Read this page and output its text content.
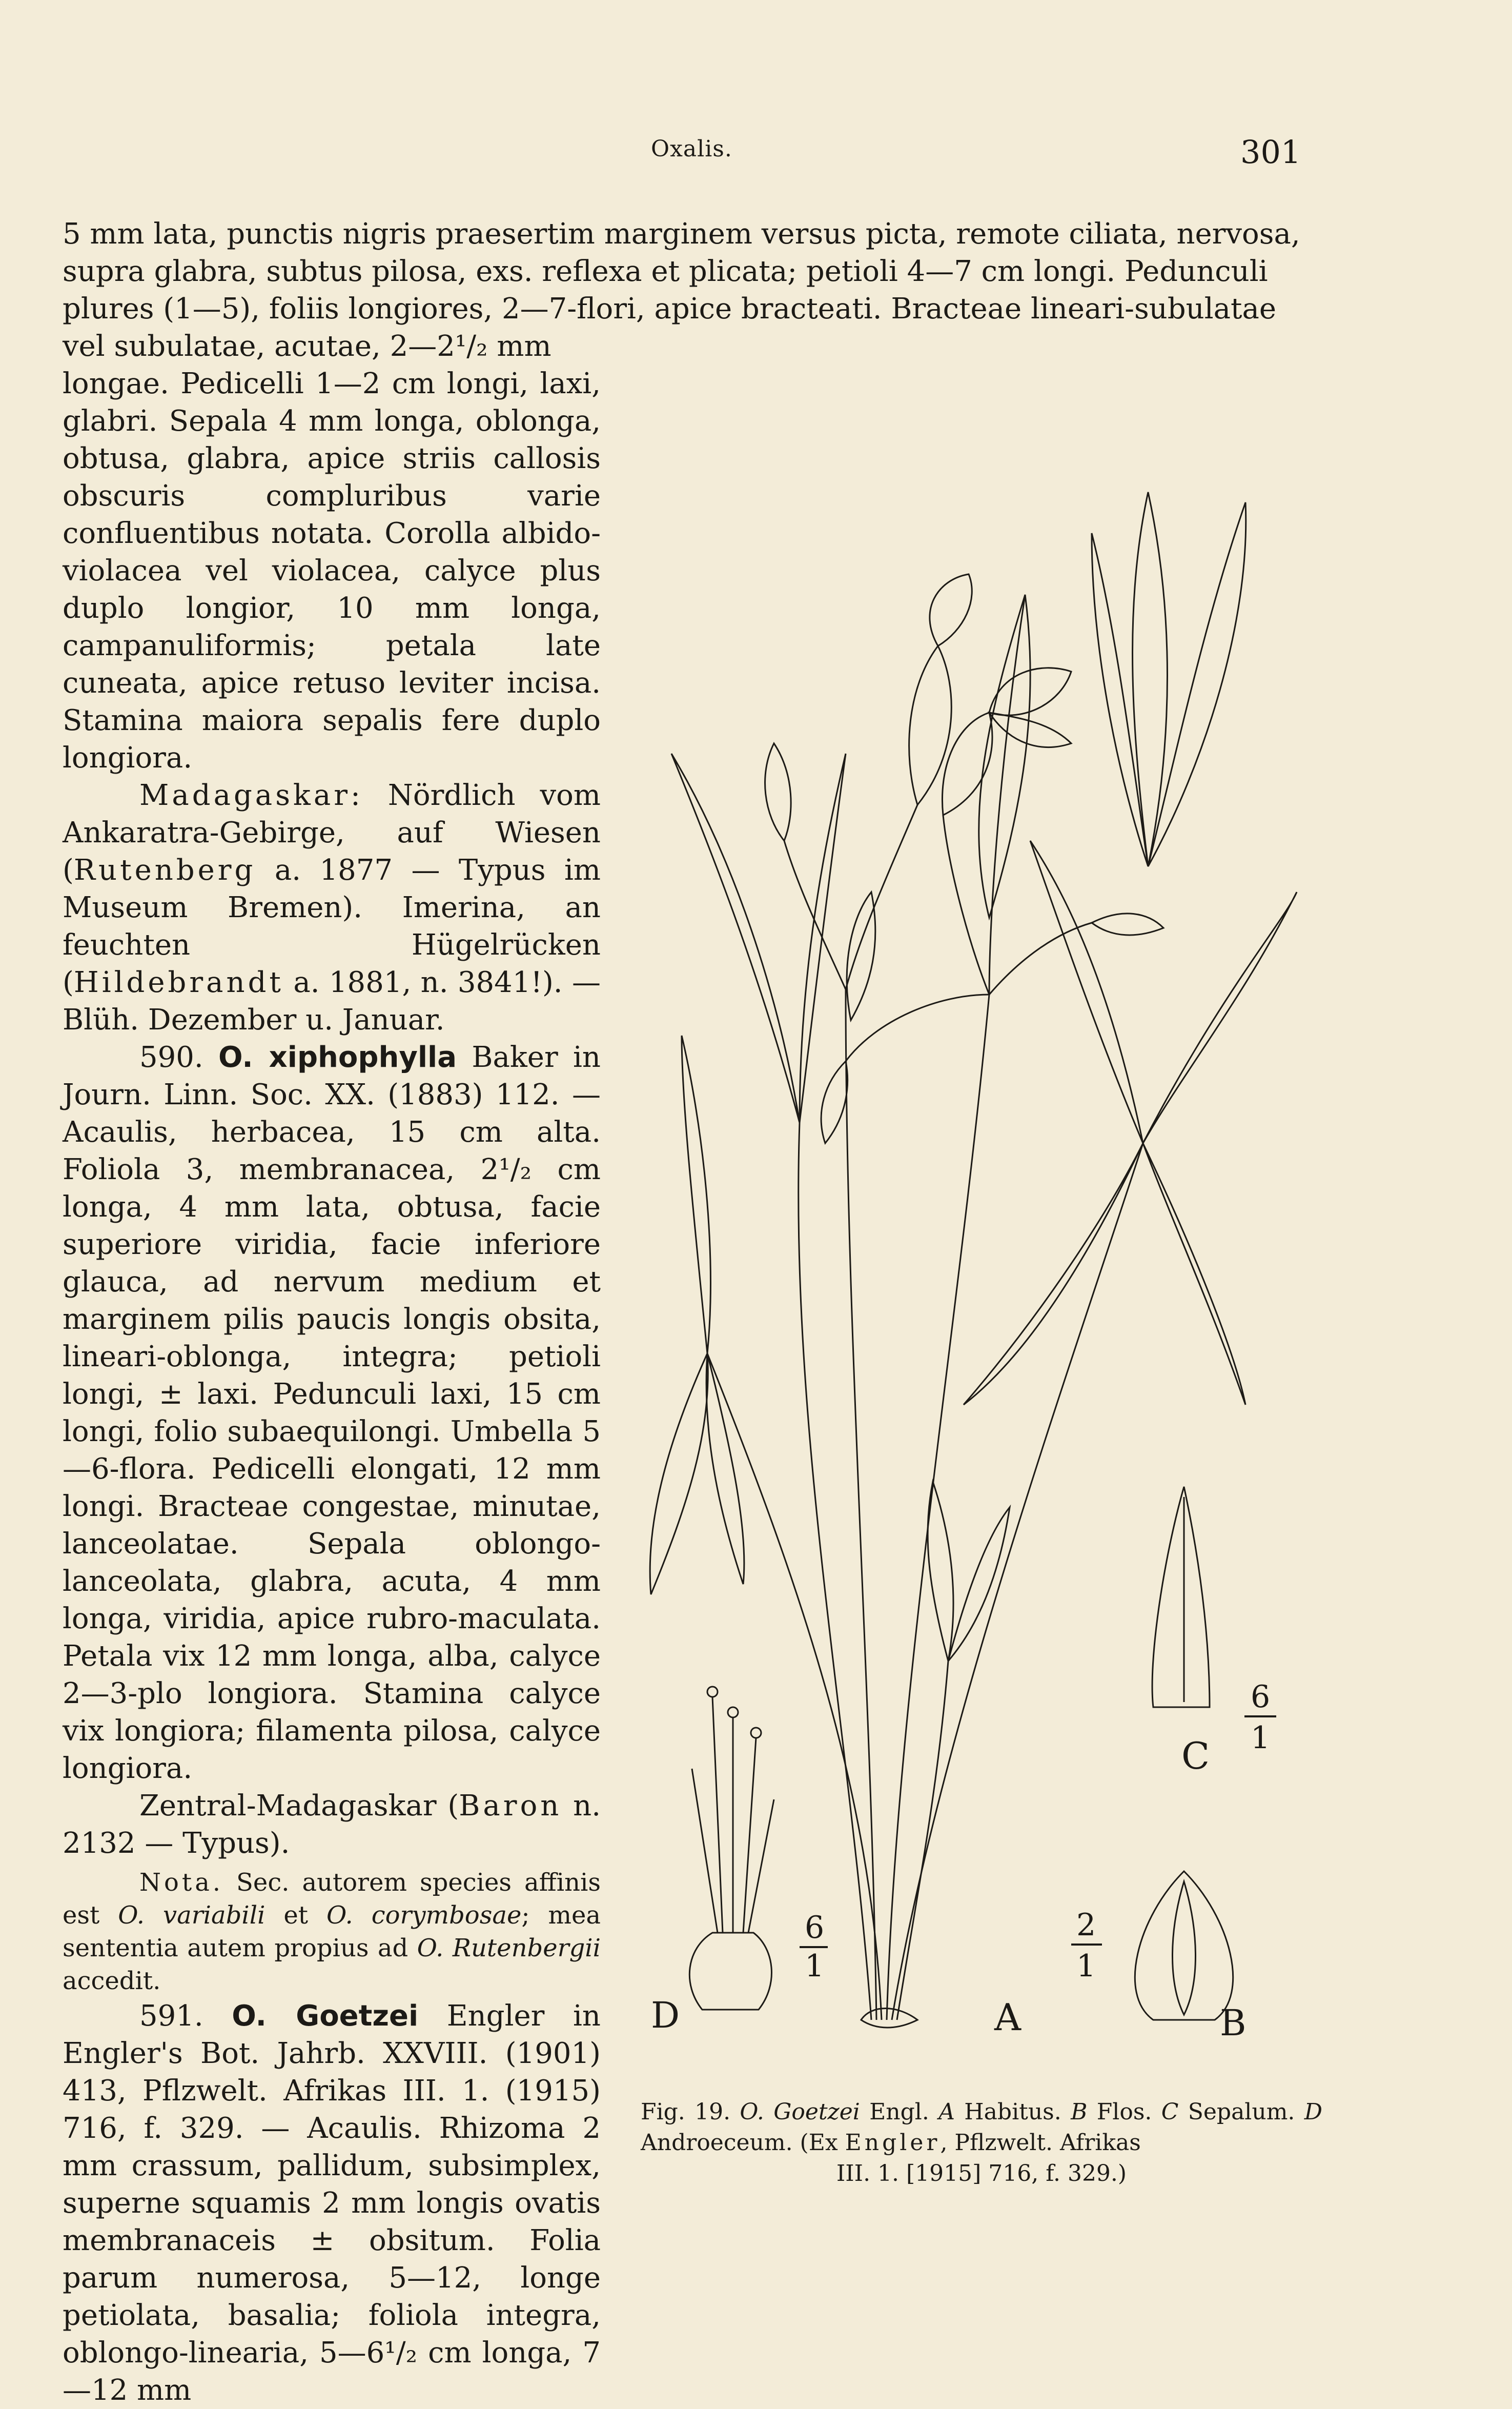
Oxalis.	301

5 mm lata, punctis nigris praesertim marginem versus picta, remote ciliata, nervosa,

supra glabra, subtus pilosa, exs. reflexa et plicata; petioli 4—7 cm longi. Pedunculi

plures (1—5), foliis longiores, 2—7-flori, apice bracteati. Bracteae lineari-subulatae

vel subulatae, acutae, 2—2¹/₂ mm

longae. Pedicelli 1—2 cm longi, laxi, glabri. Sepala 4 mm longa, oblonga, obtusa, glabra, apice striis callosis obscuris compluribus varie confluentibus notata. Corolla albido-violacea vel violacea, calyce plus duplo longior, 10 mm longa, campanuliformis; petala late cuneata, apice retuso leviter incisa. Stamina maiora sepalis fere duplo longiora.

Madagaskar: Nördlich vom Ankaratra-Gebirge, auf Wiesen (Rutenberg a. 1877 — Typus im Museum Bremen). Imerina, an feuchten Hügelrücken (Hildebrandt a. 1881, n. 3841!). — Blüh. Dezember u. Januar.

590. O. xiphophylla Baker in Journ. Linn. Soc. XX. (1883) 112. — Acaulis, herbacea, 15 cm alta. Foliola 3, membranacea, 2¹/₂ cm longa, 4 mm lata, obtusa, facie superiore viridia, facie inferiore glauca, ad nervum medium et marginem pilis paucis longis obsita, lineari-oblonga, integra; petioli longi, ± laxi. Pedunculi laxi, 15 cm longi, folio subaequilongi. Umbella 5—6-flora. Pedicelli elongati, 12 mm longi. Bracteae congestae, minutae, lanceolatae. Sepala oblongo-lanceolata, glabra, acuta, 4 mm longa, viridia, apice rubro-maculata. Petala vix 12 mm longa, alba, calyce 2—3-plo longiora. Stamina calyce vix longiora; filamenta pilosa, calyce longiora.

Zentral-Madagaskar (Baron n. 2132 — Typus).

Nota. Sec. autorem species affinis est O. variabili et O. corymbosae; mea sententia autem propius ad O. Rutenbergii accedit.

591. O. Goetzei Engler in Engler's Bot. Jahrb. XXVIII. (1901) 413, Pflzwelt. Afrikas III. 1. (1915) 716, f. 329. — Acaulis. Rhizoma 2 mm crassum, pallidum, subsimplex, superne squamis 2 mm longis ovatis membranaceis ± obsitum. Folia parum numerosa, 5—12, longe petiolata, basalia; foliola integra, oblongo-linearia, 5—6¹/₂ cm longa, 7—12 mm

6
1
C
6
1
D	A
2
1
B
Fig. 19. O. Goetzei Engl. A Habitus. B Flos. C Sepalum. D Androeceum. (Ex Engler, Pflzwelt. Afrikas
III. 1. [1915] 716, f. 329.)
